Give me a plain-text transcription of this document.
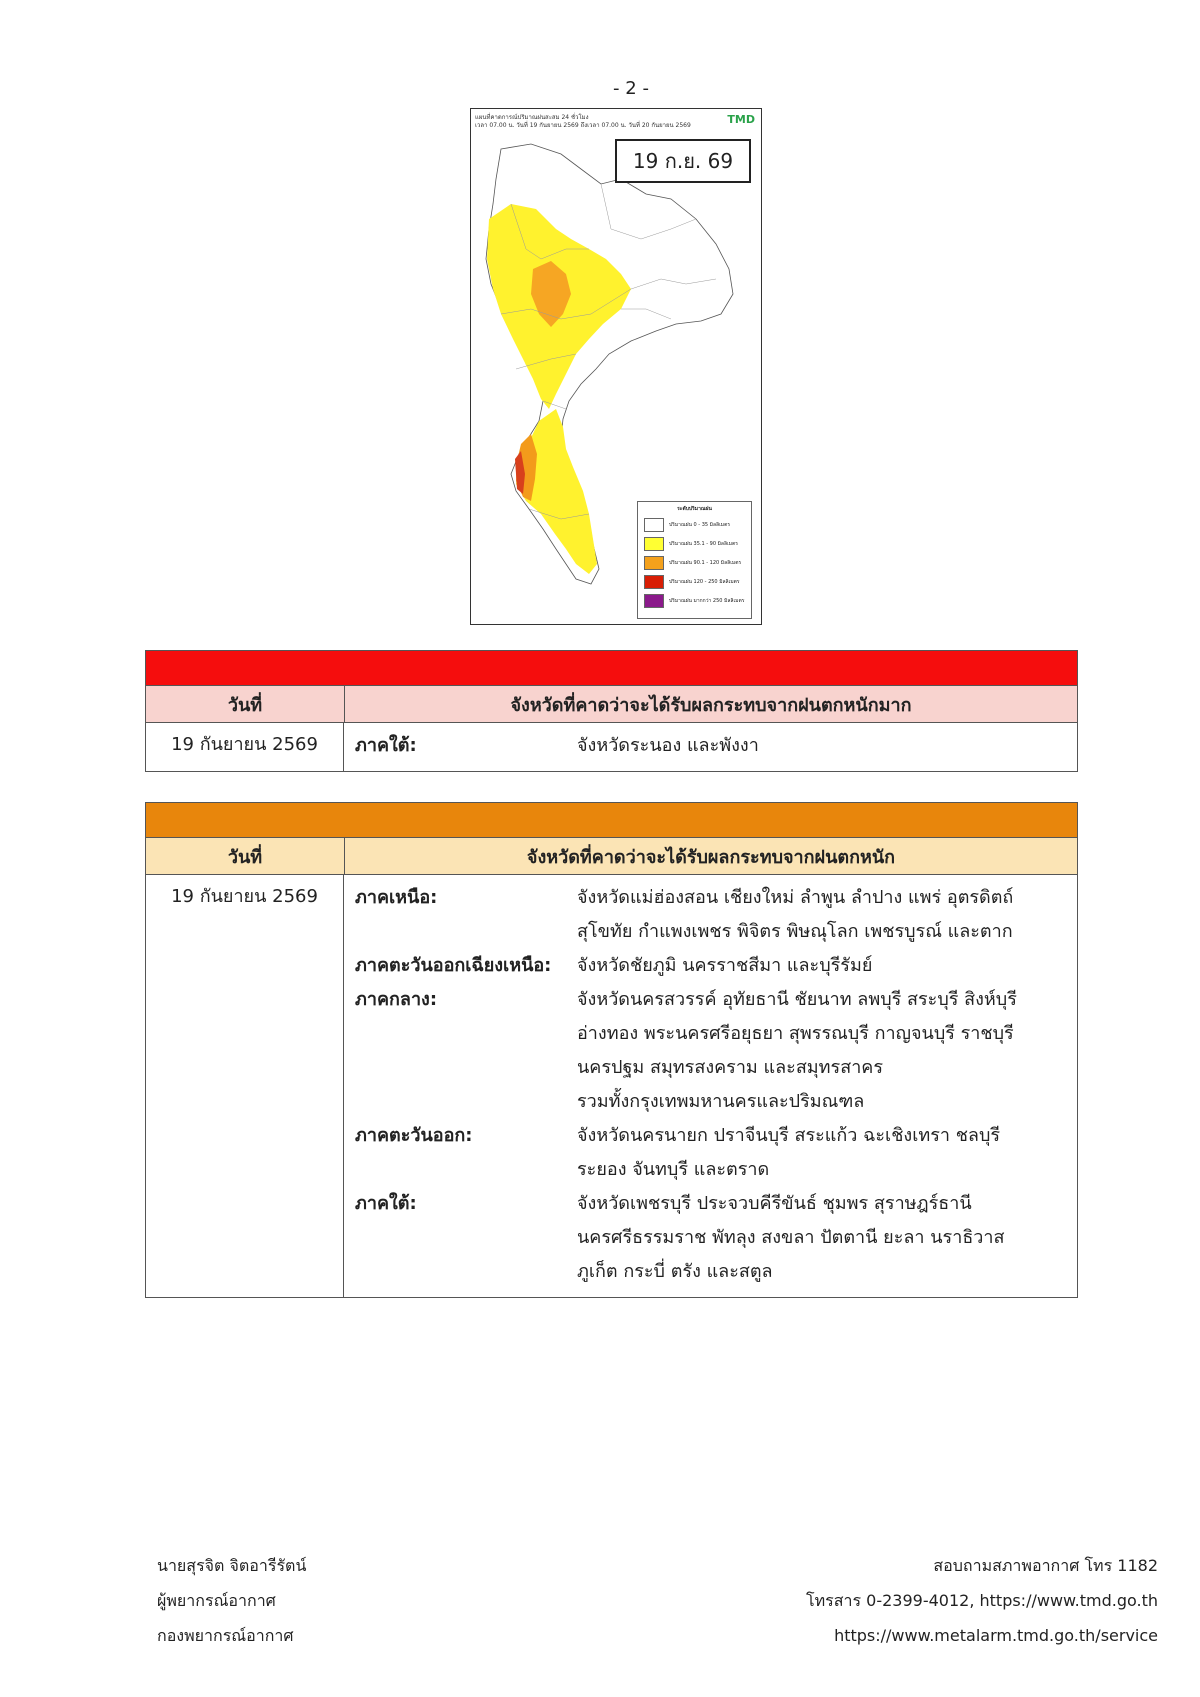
- 2 -
แผนที่คาดการณ์ปริมาณฝนสะสม 24 ชั่วโมง
เวลา 07.00 น. วันที่ 19 กันยายน 2569 ถึงเวลา 07.00 น. วันที่ 20 กันยายน 2569	TMD
19 ก.ย. 69
ระดับปริมาณฝน
ปริมาณฝน 0 - 35 มิลลิเมตร
ปริมาณฝน 35.1 - 90 มิลลิเมตร
ปริมาณฝน 90.1 - 120 มิลลิเมตร
ปริมาณฝน 120 - 250 มิลลิเมตร
ปริมาณฝน มากกว่า 250 มิลลิเมตร
วันที่	จังหวัดที่คาดว่าจะได้รับผลกระทบจากฝนตกหนักมาก
19 กันยายน 2569	ภาคใต้:	จังหวัดระนอง และพังงา
วันที่	จังหวัดที่คาดว่าจะได้รับผลกระทบจากฝนตกหนัก
19 กันยายน 2569	ภาคเหนือ:	จังหวัดแม่ฮ่องสอน เชียงใหม่ ลำพูน ลำปาง แพร่ อุตรดิตถ์
สุโขทัย กำแพงเพชร พิจิตร พิษณุโลก เพชรบูรณ์ และตาก
ภาคตะวันออกเฉียงเหนือ:	จังหวัดชัยภูมิ นครราชสีมา และบุรีรัมย์
ภาคกลาง:	จังหวัดนครสวรรค์ อุทัยธานี ชัยนาท ลพบุรี สระบุรี สิงห์บุรี
อ่างทอง พระนครศรีอยุธยา สุพรรณบุรี กาญจนบุรี ราชบุรี
นครปฐม สมุทรสงคราม และสมุทรสาคร
รวมทั้งกรุงเทพมหานครและปริมณฑล
ภาคตะวันออก:	จังหวัดนครนายก ปราจีนบุรี สระแก้ว ฉะเชิงเทรา ชลบุรี
ระยอง จันทบุรี และตราด
ภาคใต้:	จังหวัดเพชรบุรี ประจวบคีรีขันธ์ ชุมพร สุราษฎร์ธานี
นครศรีธรรมราช พัทลุง สงขลา ปัตตานี ยะลา นราธิวาส
ภูเก็ต กระบี่ ตรัง และสตูล
นายสุรจิต จิตอารีรัตน์
ผู้พยากรณ์อากาศ
กองพยากรณ์อากาศ
สอบถามสภาพอากาศ โทร 1182
โทรสาร 0-2399-4012, https://www.tmd.go.th
https://www.metalarm.tmd.go.th/service
